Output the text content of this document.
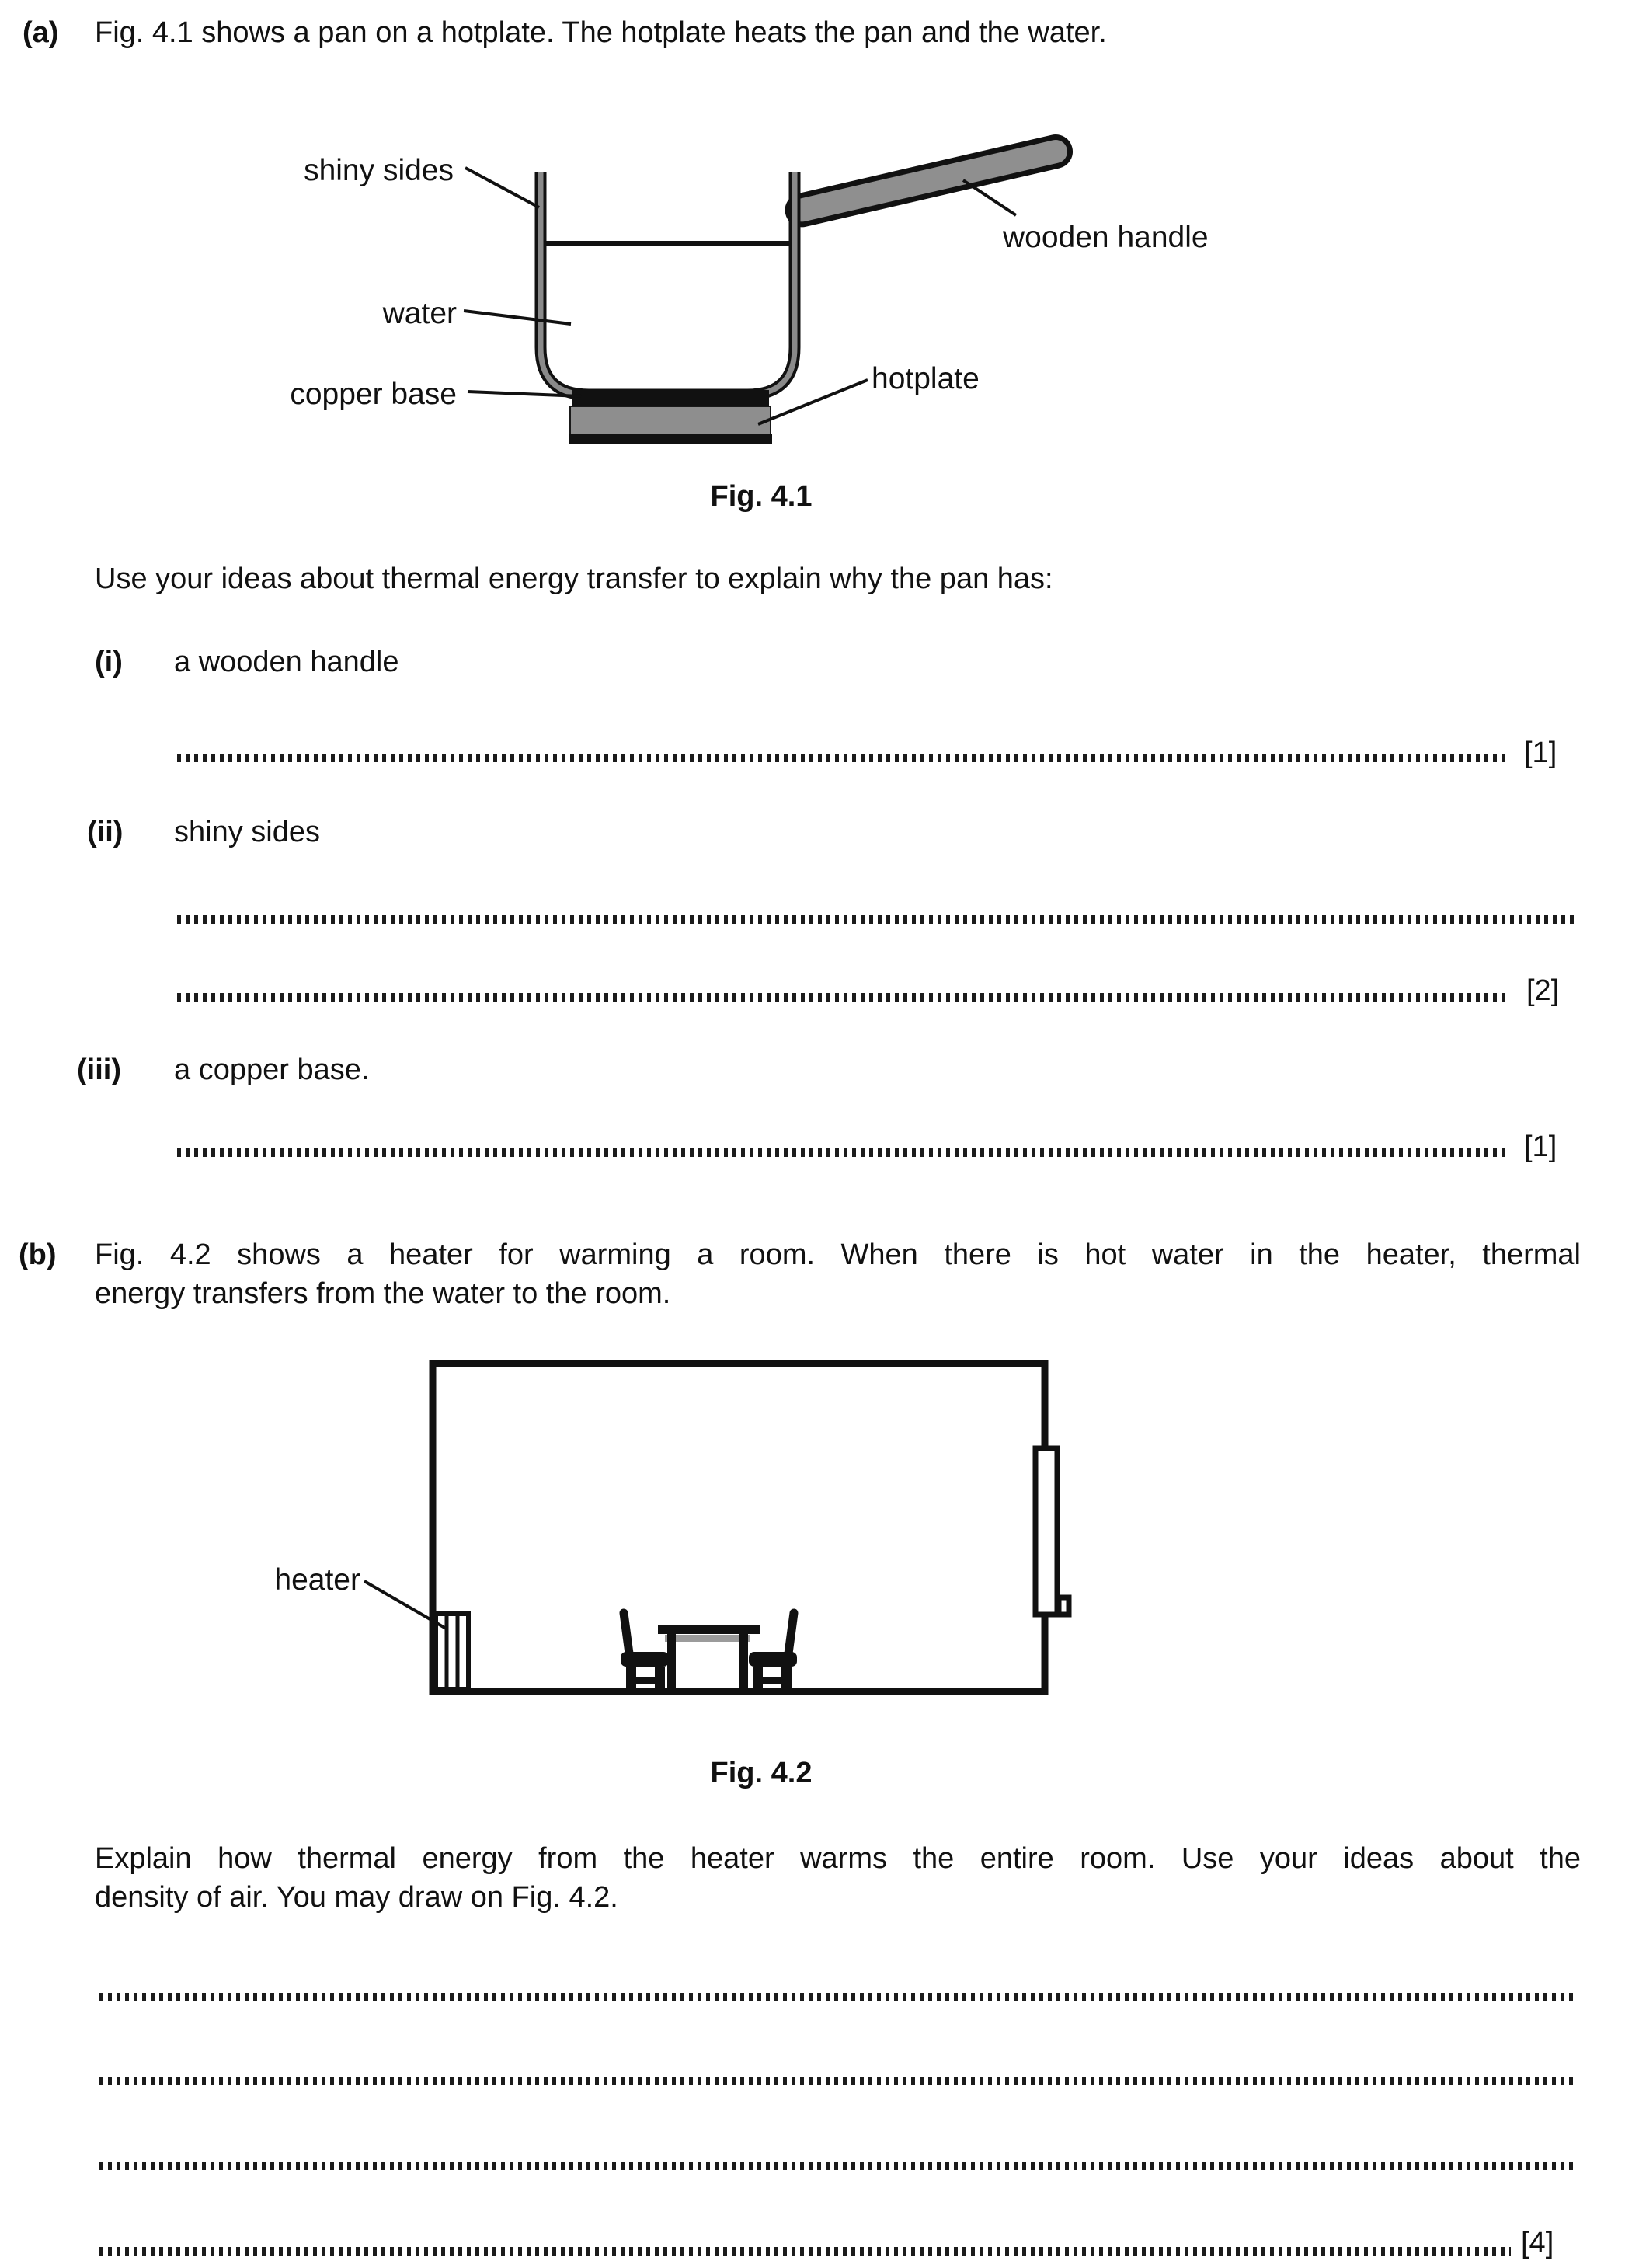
(a) Fig. 4.1 shows a pan on a hotplate. The hotplate heats the pan and the water.
shiny sides
wooden handle
water
copper base	hotplate
Fig. 4.1
Use your ideas about thermal energy transfer to explain why the pan has:
(i) a wooden handle
[1]
(ii) shiny sides
[2]
(iii) a copper base.
[1]
(b) Fig. 4.2 shows a heater for warming a room. When there is hot water in the heater, thermal
energy transfers from the water to the room.
heater
Fig. 4.2
Explain how thermal energy from the heater warms the entire room. Use your ideas about the
density of air. You may draw on Fig. 4.2.
[4]
